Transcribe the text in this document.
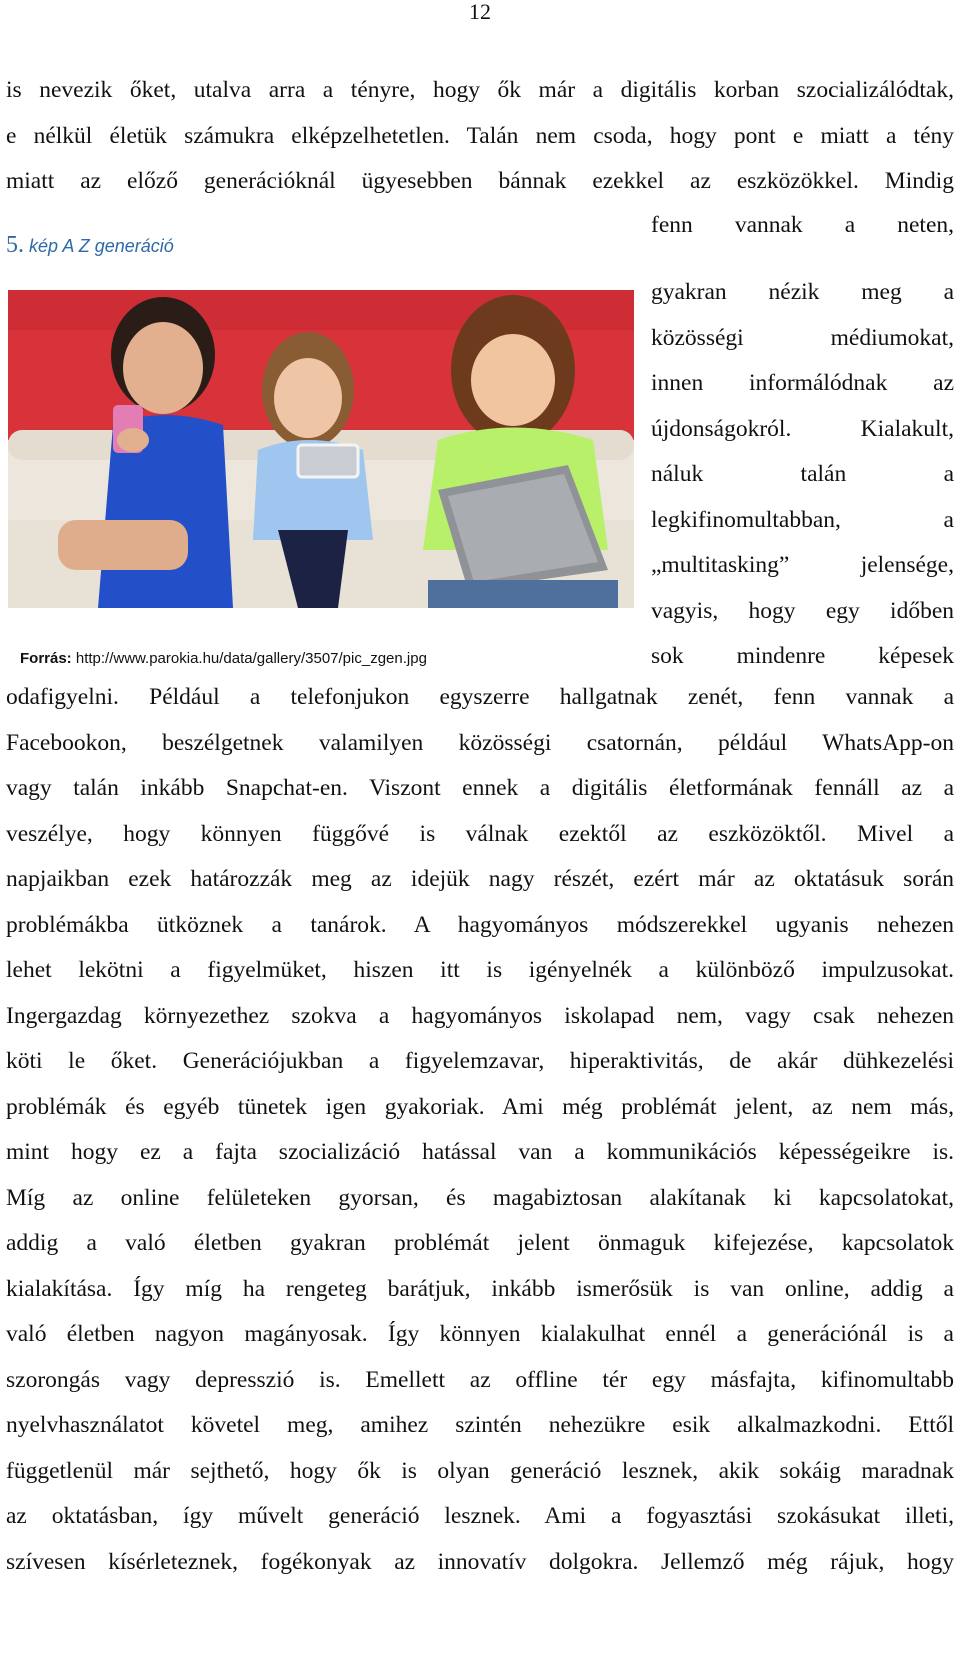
12
is nevezik őket, utalva arra a tényre, hogy ők már a digitális korban szocializálódtak,
e nélkül életük számukra elképzelhetetlen. Talán nem csoda, hogy pont e miatt a tény
miatt az előző generációknál ügyesebben bánnak ezekkel az eszközökkel. Mindig
5. kép A Z generáció
Forrás: http://www.parokia.hu/data/gallery/3507/pic_zgen.jpg
fenn vannak a neten,
gyakran nézik meg a
közösségi médiumokat,
innen informálódnak az
újdonságokról. Kialakult,
náluk talán a
legkifinomultabban, a
„multitasking” jelensége,
vagyis, hogy egy időben
sok mindenre képesek
odafigyelni. Például a telefonjukon egyszerre hallgatnak zenét, fenn vannak a
Facebookon, beszélgetnek valamilyen közösségi csatornán, például WhatsApp-on
vagy talán inkább Snapchat-en. Viszont ennek a digitális életformának fennáll az a
veszélye, hogy könnyen függővé is válnak ezektől az eszközöktől. Mivel a
napjaikban ezek határozzák meg az idejük nagy részét, ezért már az oktatásuk során
problémákba ütköznek a tanárok. A hagyományos módszerekkel ugyanis nehezen
lehet lekötni a figyelmüket, hiszen itt is igényelnék a különböző impulzusokat.
Ingergazdag környezethez szokva a hagyományos iskolapad nem, vagy csak nehezen
köti le őket. Generációjukban a figyelemzavar, hiperaktivitás, de akár dühkezelési
problémák és egyéb tünetek igen gyakoriak. Ami még problémát jelent, az nem más,
mint hogy ez a fajta szocializáció hatással van a kommunikációs képességeikre is.
Míg az online felületeken gyorsan, és magabiztosan alakítanak ki kapcsolatokat,
addig a való életben gyakran problémát jelent önmaguk kifejezése, kapcsolatok
kialakítása. Így míg ha rengeteg barátjuk, inkább ismerősük is van online, addig a
való életben nagyon magányosak. Így könnyen kialakulhat ennél a generációnál is a
szorongás vagy depresszió is. Emellett az offline tér egy másfajta, kifinomultabb
nyelvhasználatot követel meg, amihez szintén nehezükre esik alkalmazkodni. Ettől
függetlenül már sejthető, hogy ők is olyan generáció lesznek, akik sokáig maradnak
az oktatásban, így művelt generáció lesznek. Ami a fogyasztási szokásukat illeti,
szívesen kísérleteznek, fogékonyak az innovatív dolgokra. Jellemző még rájuk, hogy
